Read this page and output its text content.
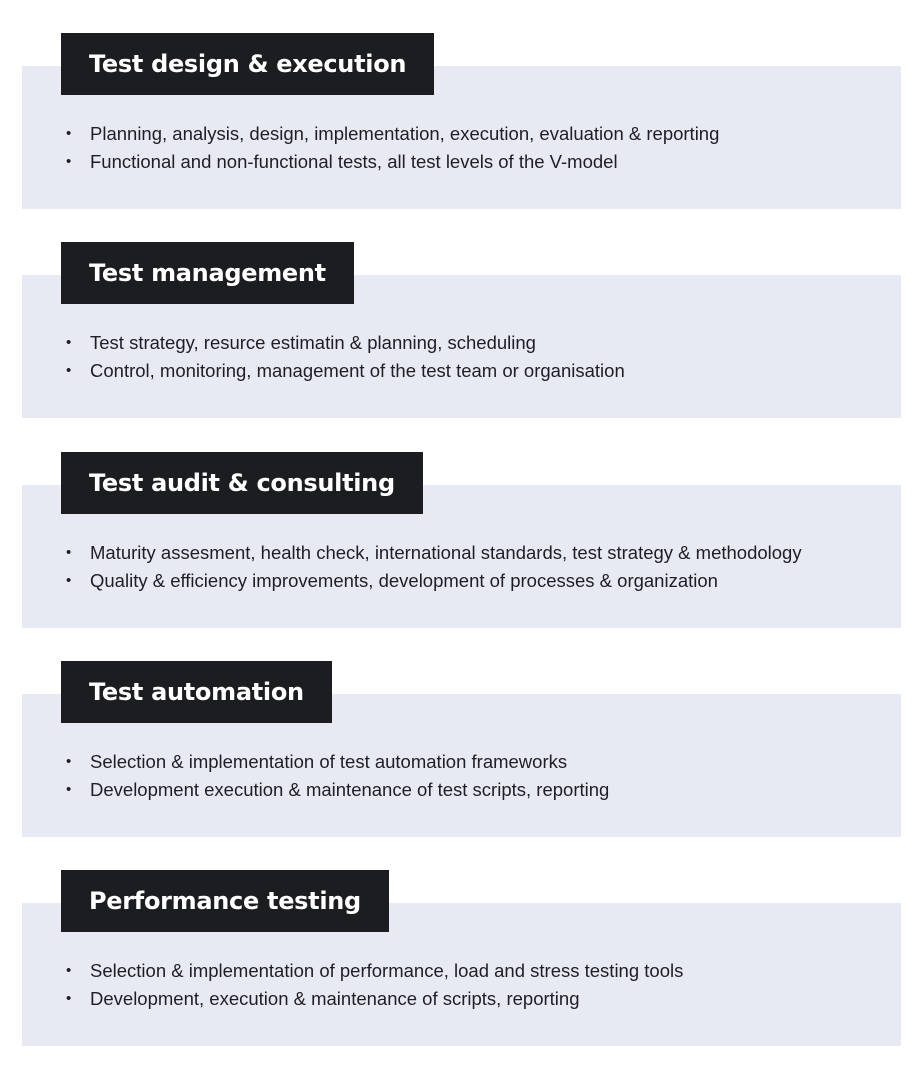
Test design & execution
• Planning, analysis, design, implementation, execution, evaluation & reporting
• Functional and non-functional tests, all test levels of the V-model
Test management
• Test strategy, resurce estimatin & planning, scheduling
• Control, monitoring, management of the test team or organisation
Test audit & consulting
• Maturity assesment, health check, international standards, test strategy & methodology
• Quality & efficiency improvements, development of processes & organization
Test automation
• Selection & implementation of test automation frameworks
• Development execution & maintenance of test scripts, reporting
Performance testing
• Selection & implementation of performance, load and stress testing tools
• Development, execution & maintenance of scripts, reporting
